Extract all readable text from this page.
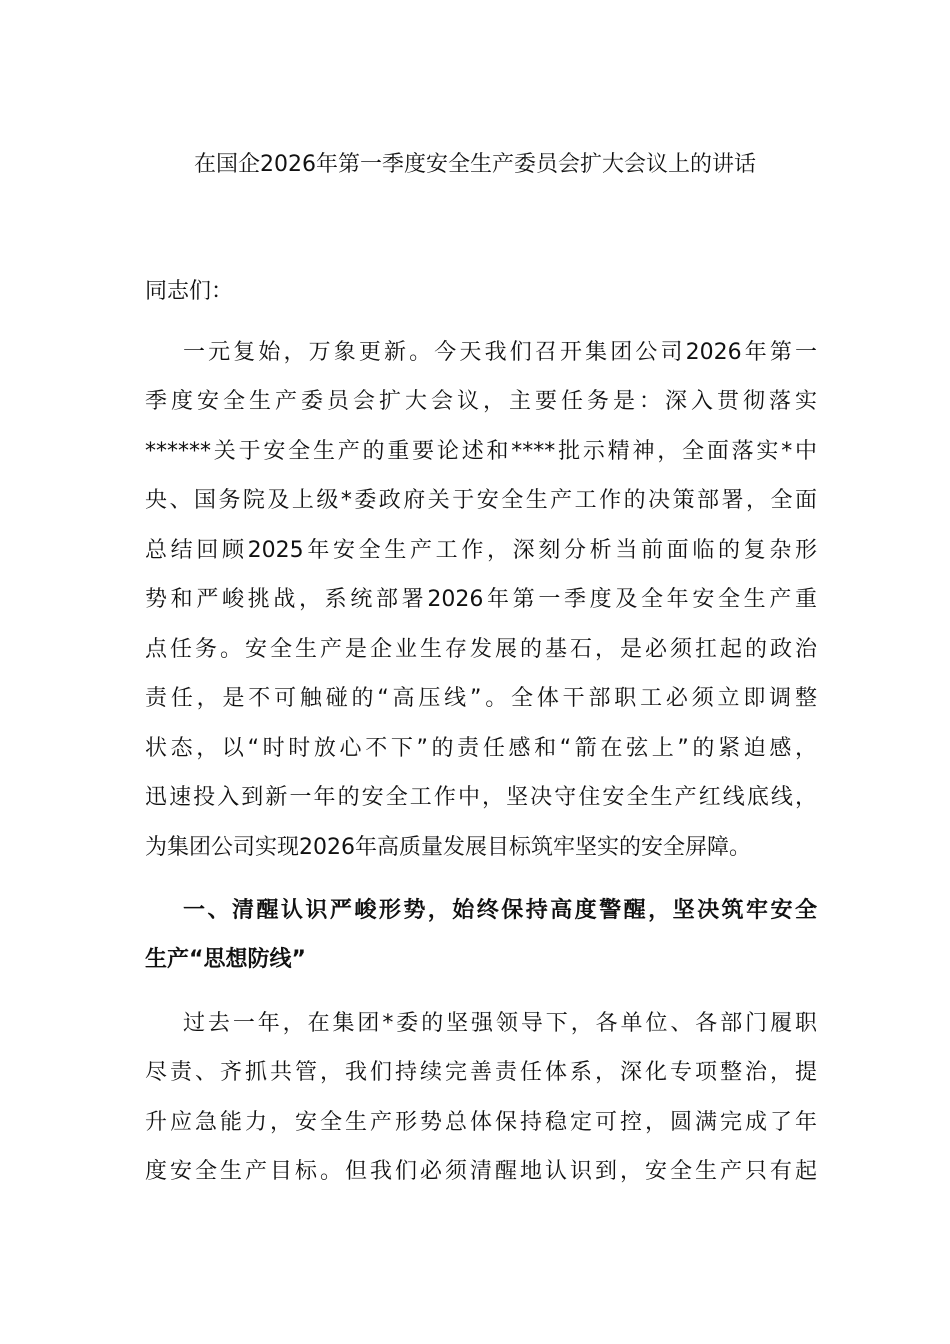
在国企2026年第一季度安全生产委员会扩大会议上的讲话
同志们：
一元复始，万象更新。今天我们召开集团公司2026年第一
季度安全生产委员会扩大会议，主要任务是：深入贯彻落实
******关于安全生产的重要论述和****批示精神，全面落实*中
央、国务院及上级*委政府关于安全生产工作的决策部署，全面
总结回顾2025年安全生产工作，深刻分析当前面临的复杂形
势和严峻挑战，系统部署2026年第一季度及全年安全生产重
点任务。安全生产是企业生存发展的基石，是必须扛起的政治
责任，是不可触碰的“高压线”。全体干部职工必须立即调整
状态，以“时时放心不下”的责任感和“箭在弦上”的紧迫感，
迅速投入到新一年的安全工作中，坚决守住安全生产红线底线，
为集团公司实现2026年高质量发展目标筑牢坚实的安全屏障。
一、清醒认识严峻形势，始终保持高度警醒，坚决筑牢安全
生产“思想防线”
过去一年，在集团*委的坚强领导下，各单位、各部门履职
尽责、齐抓共管，我们持续完善责任体系，深化专项整治，提
升应急能力，安全生产形势总体保持稳定可控，圆满完成了年
度安全生产目标。但我们必须清醒地认识到，安全生产只有起
